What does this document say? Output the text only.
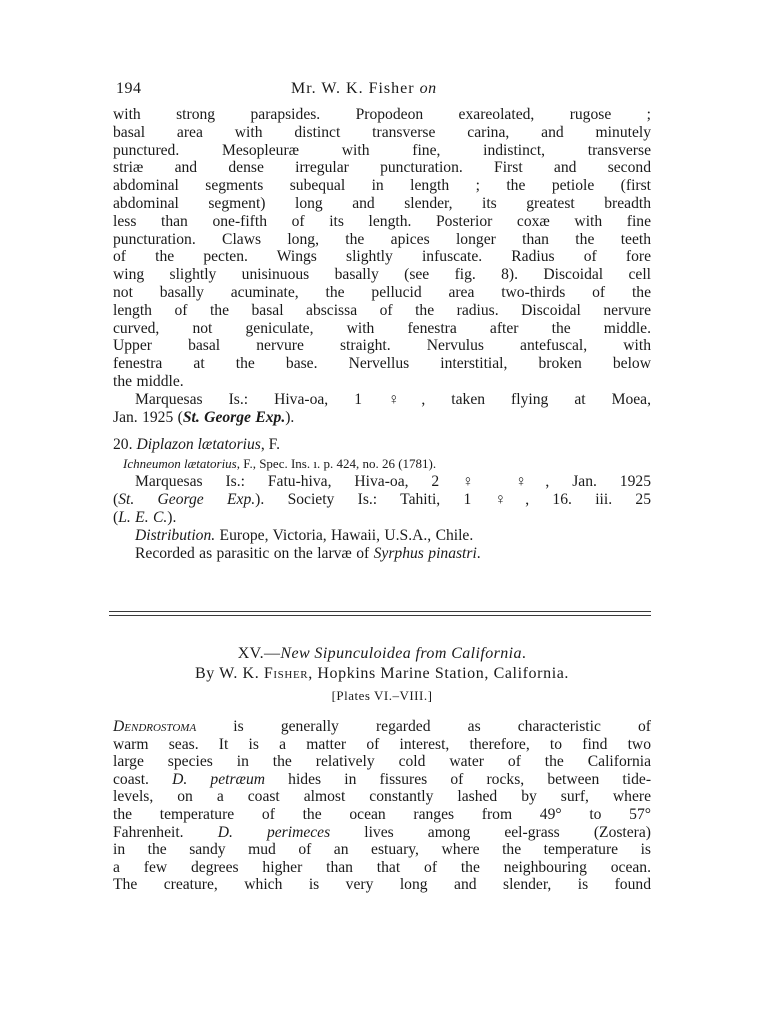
194	Mr. W. K. Fisher on
with strong parapsides. Propodeon exareolated, rugose ;
basal area with distinct transverse carina, and minutely
punctured. Mesopleuræ with fine, indistinct, transverse
striæ and dense irregular puncturation. First and second
abdominal segments subequal in length ; the petiole (first
abdominal segment) long and slender, its greatest breadth
less than one-fifth of its length. Posterior coxæ with fine
puncturation. Claws long, the apices longer than the teeth
of the pecten. Wings slightly infuscate. Radius of fore
wing slightly unisinuous basally (see fig. 8). Discoidal cell
not basally acuminate, the pellucid area two-thirds of the
length of the basal abscissa of the radius. Discoidal nervure
curved, not geniculate, with fenestra after the middle.
Upper basal nervure straight. Nervulus antefuscal, with
fenestra at the base. Nervellus interstitial, broken below
the middle.
Marquesas Is.: Hiva-oa, 1 ♀, taken flying at Moea,
Jan. 1925 (St. George Exp.).
20. Diplazon lætatorius, F.
Ichneumon lætatorius, F., Spec. Ins. ı. p. 424, no. 26 (1781).
Marquesas Is.: Fatu-hiva, Hiva-oa, 2 ♀ ♀, Jan. 1925
(St. George Exp.). Society Is.: Tahiti, 1 ♀, 16. iii. 25
(L. E. C.).
Distribution. Europe, Victoria, Hawaii, U.S.A., Chile.
Recorded as parasitic on the larvæ of Syrphus pinastri.
XV.—New Sipunculoidea from California.
By W. K. Fisher, Hopkins Marine Station, California.
[Plates VI.–VIII.]
Dendrostoma is generally regarded as characteristic of
warm seas. It is a matter of interest, therefore, to find two
large species in the relatively cold water of the California
coast. D. petræum hides in fissures of rocks, between tide-
levels, on a coast almost constantly lashed by surf, where
the temperature of the ocean ranges from 49° to 57°
Fahrenheit. D. perimeces lives among eel-grass (Zostera)
in the sandy mud of an estuary, where the temperature is
a few degrees higher than that of the neighbouring ocean.
The creature, which is very long and slender, is found
